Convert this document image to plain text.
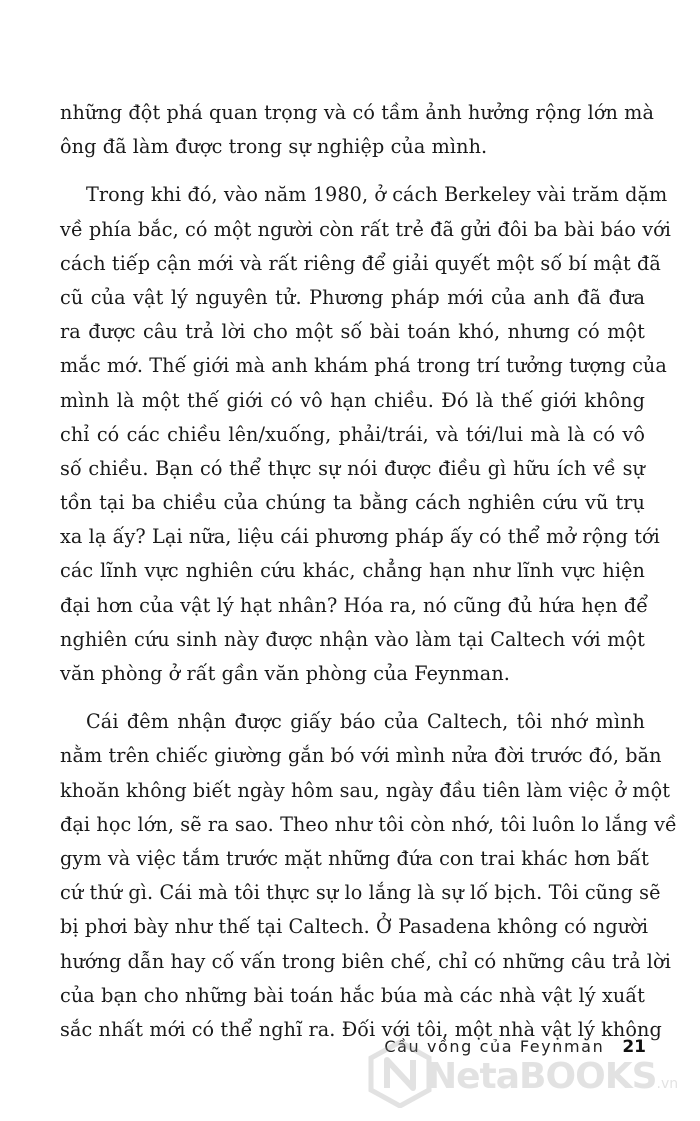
những đột phá quan trọng và có tầm ảnh hưởng rộng lớn mà
ông đã làm được trong sự nghiệp của mình.
Trong khi đó, vào năm 1980, ở cách Berkeley vài trăm dặm
về phía bắc, có một người còn rất trẻ đã gửi đôi ba bài báo với
cách tiếp cận mới và rất riêng để giải quyết một số bí mật đã
cũ của vật lý nguyên tử. Phương pháp mới của anh đã đưa
ra được câu trả lời cho một số bài toán khó, nhưng có một
mắc mớ. Thế giới mà anh khám phá trong trí tưởng tượng của
mình là một thế giới có vô hạn chiều. Đó là thế giới không
chỉ có các chiều lên/xuống, phải/trái, và tới/lui mà là có vô
số chiều. Bạn có thể thực sự nói được điều gì hữu ích về sự
tồn tại ba chiều của chúng ta bằng cách nghiên cứu vũ trụ
xa lạ ấy? Lại nữa, liệu cái phương pháp ấy có thể mở rộng tới
các lĩnh vực nghiên cứu khác, chẳng hạn như lĩnh vực hiện
đại hơn của vật lý hạt nhân? Hóa ra, nó cũng đủ hứa hẹn để
nghiên cứu sinh này được nhận vào làm tại Caltech với một
văn phòng ở rất gần văn phòng của Feynman.
Cái đêm nhận được giấy báo của Caltech, tôi nhớ mình
nằm trên chiếc giường gắn bó với mình nửa đời trước đó, băn
khoăn không biết ngày hôm sau, ngày đầu tiên làm việc ở một
đại học lớn, sẽ ra sao. Theo như tôi còn nhớ, tôi luôn lo lắng về
gym và việc tắm trước mặt những đứa con trai khác hơn bất
cứ thứ gì. Cái mà tôi thực sự lo lắng là sự lố bịch. Tôi cũng sẽ
bị phơi bày như thế tại Caltech. Ở Pasadena không có người
hướng dẫn hay cố vấn trong biên chế, chỉ có những câu trả lời
của bạn cho những bài toán hắc búa mà các nhà vật lý xuất
sắc nhất mới có thể nghĩ ra. Đối với tôi, một nhà vật lý không
Cầu vồng của Feynman 21
NetaBOOKS.vn
